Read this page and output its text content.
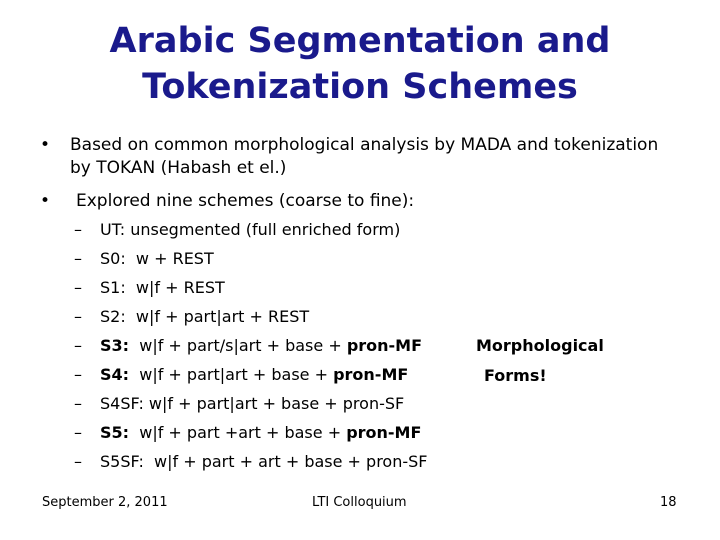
Arabic Segmentation and
Tokenization Schemes
• Based on common morphological analysis by MADA and tokenization
by TOKAN (Habash et el.)
• Explored nine schemes (coarse to fine):
– UT: unsegmented (full enriched form)
– S0:  w + REST
– S1:  w|f + REST
– S2:  w|f + part|art + REST
– S3:  w|f + part/s|art + base + pron-MF
– S4:  w|f + part|art + base + pron-MF
– S4SF: w|f + part|art + base + pron-SF
– S5:  w|f + part +art + base + pron-MF
– S5SF:  w|f + part + art + base + pron-SF
Morphological
Forms!
September 2, 2011	LTI Colloquium	18
